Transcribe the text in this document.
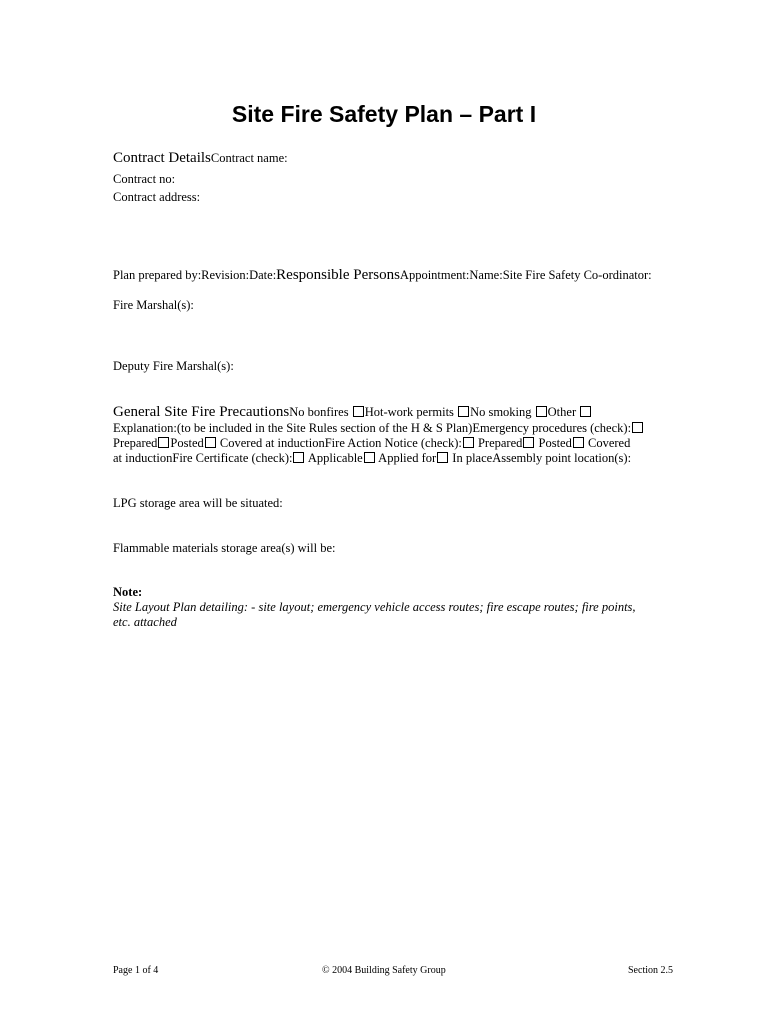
Site Fire Safety Plan – Part I
Contract DetailsContract name:
Contract no:
Contract address:
Plan prepared by:Revision:Date:Responsible PersonsAppointment:Name:Site Fire Safety Co-ordinator:
Fire Marshal(s):
Deputy Fire Marshal(s):
General Site Fire PrecautionsNo bonfires Hot-work permits No smoking Other
Explanation:(to be included in the Site Rules section of the H & S Plan)Emergency procedures (check):
Prepared Posted Covered at inductionFire Action Notice (check): Prepared Posted Covered
at inductionFire Certificate (check): Applicable Applied for In placeAssembly point location(s):
LPG storage area will be situated:
Flammable materials storage area(s) will be:
Note:
Site Layout Plan detailing: - site layout; emergency vehicle access routes; fire escape routes; fire points,
etc. attached
Page 1 of 4	© 2004 Building Safety Group	Section 2.5
